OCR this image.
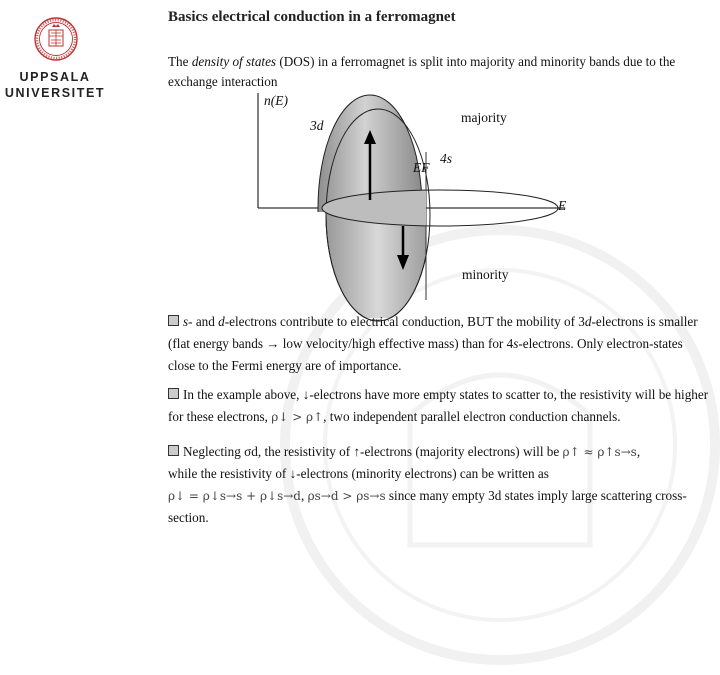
UPPSALA
UNIVERSITET
Basics electrical conduction in a ferromagnet
The density of states (DOS) in a ferromagnet is split into majority and minority bands due to the exchange interaction
n(E)
3d
majority
4s
EF
E
minority
s- and d-electrons contribute to electrical conduction, BUT the mobility of 3d-electrons is smaller (flat energy bands → low velocity/high effective mass) than for 4s-electrons. Only electron-states close to the Fermi energy are of importance.
In the example above, ↓-electrons have more empty states to scatter to, the resistivity will be higher for these electrons, ρ↓ > ρ↑, two independent parallel electron conduction channels.
Neglecting σd, the resistivity of ↑-electrons (majority electrons) will be ρ↑ ≈ ρ↑s→s,
while the resistivity of ↓-electrons (minority electrons) can be written as
ρ↓ = ρ↓s→s + ρ↓s→d, ρs→d > ρs→s since many empty 3d states imply large scattering cross-section.
